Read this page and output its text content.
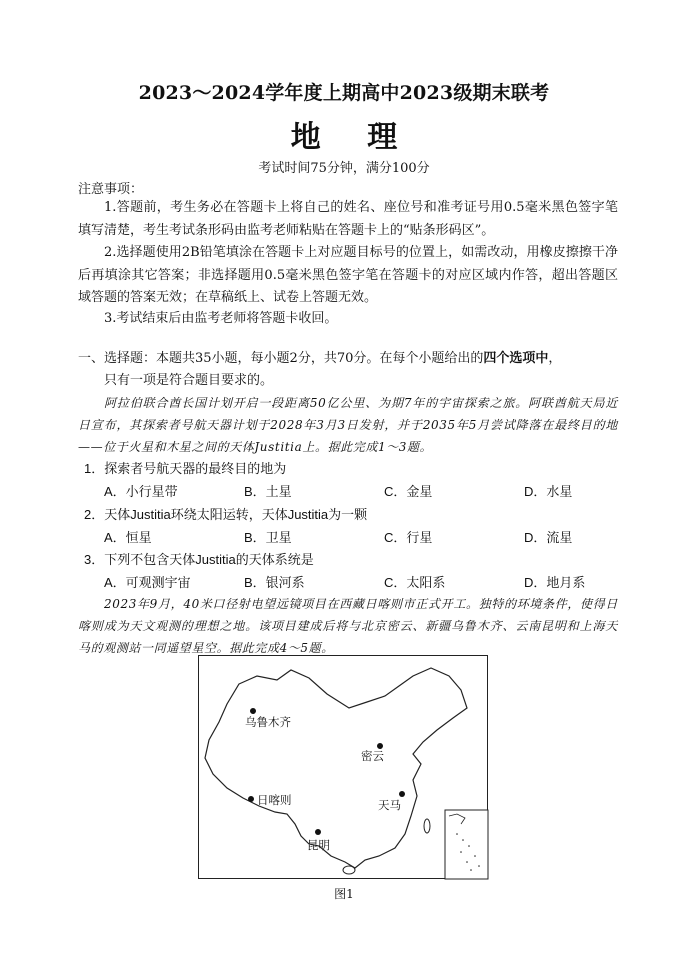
2023～2024学年度上期高中2023级期末联考
地 理
考试时间75分钟，满分100分
注意事项：
1.答题前，考生务必在答题卡上将自己的姓名、座位号和准考证号用0.5毫米黑色签字笔填写清楚，考生考试条形码由监考老师粘贴在答题卡上的“贴条形码区”。
2.选择题使用2B铅笔填涂在答题卡上对应题目标号的位置上，如需改动，用橡皮擦擦干净后再填涂其它答案；非选择题用0.5毫米黑色签字笔在答题卡的对应区域内作答，超出答题区域答题的答案无效；在草稿纸上、试卷上答题无效。
3.考试结束后由监考老师将答题卡收回。
一、选择题：本题共35小题，每小题2分，共70分。在每个小题给出的四个选项中，
只有一项是符合题目要求的。
阿拉伯联合酋长国计划开启一段距离50亿公里、为期7年的宇宙探索之旅。阿联酋航天局近日宣布，其探索者号航天器计划于2028年3月3日发射，并于2035年5月尝试降落在最终目的地——位于火星和木星之间的天体Justitia上。据此完成1～3题。
1．探索者号航天器的最终目的地为
A．小行星带	B．土星	C．金星	D．水星
2．天体Justitia环绕太阳运转，天体Justitia为一颗
A．恒星	B．卫星	C．行星	D．流星
3．下列不包含天体Justitia的天体系统是
A．可观测宇宙	B．银河系	C．太阳系	D．地月系
2023年9月，40米口径射电望远镜项目在西藏日喀则市正式开工。独特的环境条件，使得日喀则成为天文观测的理想之地。该项目建成后将与北京密云、新疆乌鲁木齐、云南昆明和上海天马的观测站一同遥望星空。据此完成4～5题。
乌鲁木齐
密云
日喀则	天马
昆明
图1
